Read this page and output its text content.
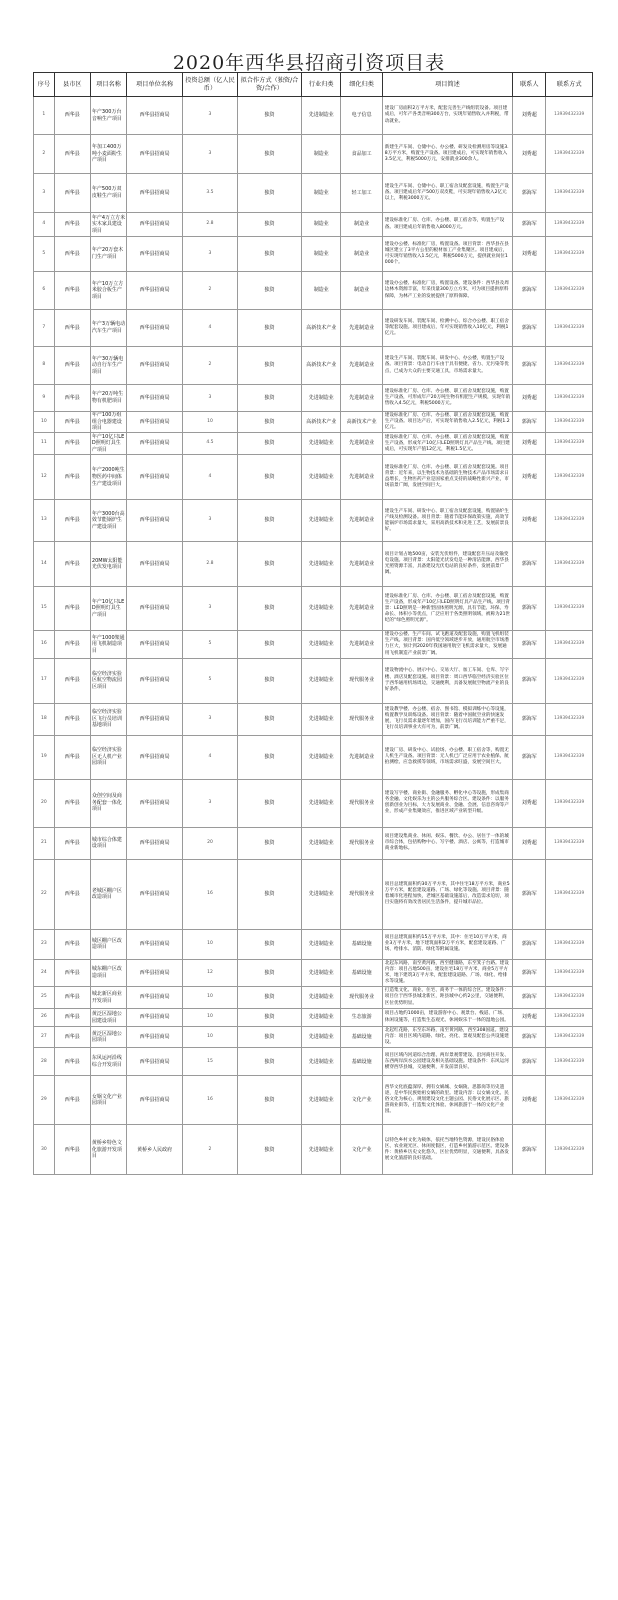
2020年西华县招商引资项目表
序号	县市区	项目名称	项目单位名称	投资总额（亿人民币）	拟合作方式（独资/合资/合作）	行业归类	细化归类	项目简述	联系人	联系方式
1	西华县	年产300万台音响生产项目	西华县招商局	3	独资	先进制造业	电子信息	建设厂房面积2万平方米，配套完善生产线组装设备。项目建成后，可年产各类音响300万台，实现年销售收入并利税，带动就业。	刘秀超	13939432339
2	西华县	年加工400万吨小麦面粉生产项目	西华县招商局	3	独资	制造业	食品加工	新建生产车间、仓储中心、办公楼、研发及检测用房等设施3.8万平方米，购置生产设备。项目建成后，可实现年销售收入3.5亿元，利税5000万元，安排就业300余人。	刘秀超	13939432339
3	西华县	年产500万双皮鞋生产项目	西华县招商局	3.5	独资	制造业	轻工加工	建设生产车间、仓储中心、职工宿舍及配套设施，购置生产设备。项目建成后年产500万双皮鞋，可实现年销售收入2亿元以上，利税3000万元。	郭海军	13939432339
4	西华县	年产4万立方米实木家具建设项目	西华县招商局	2.8	独资	制造业	制造业	建设标准化厂房、仓库、办公楼、职工宿舍等，购置生产设备。项目建成后年销售收入8000万元。	郭海军	13939432339
5	西华县	年产20万套木门生产项目	西华县招商局	3	独资	制造业	制造业	建设办公楼、标准化厂房，购置设备。项目背景：西华县在县城区建立了3平方公里的板材加工产业集聚区。项目建成后，可实现年销售收入1.5亿元，利税5000万元，提供就业岗位1000个。	刘秀超	13939432339
6	西华县	年产10万立方米胶合板生产项目	西华县招商局	2	独资	制造业	制造业	建设办公楼、标准化厂房，购置设备。建设条件：西华县及周边林木资源丰富，年采伐量300万立方米，可为项目提供原料保障，为林产工业的发展提供了原料保障。	郭海军	13939432339
7	西华县	年产3万辆电动汽车生产项目	西华县招商局	4	独资	高新技术产业	先进制造业	建设研发车间、装配车间、检测中心、综合办公楼、职工宿舍等配套设施。项目建成后，年可实现销售收入10亿元，利税1亿元。	郭海军	13939432339
8	西华县	年产30万辆电动自行车生产项目	西华县招商局	2	独资	高新技术产业	先进制造业	建设生产车间、装配车间、研发中心、办公楼，购置生产设备。项目背景：电动自行车由于具有便捷、省力、无污染等优点，已成为大众的主要交通工具，市场需求量大。	郭海军	13939432339
9	西华县	年产20万吨生物有机肥项目	西华县招商局	3	独资	先进制造业	先进制造业	建设标准化厂房、仓库、办公楼、职工宿舍及配套设施，购置生产设备，可形成年产20万吨生物有机肥生产规模，实现年销售收入4.5亿元，利税5000万元。	刘秀超	13939432339
10	西华县	年产100万组组合电器建设项目	西华县招商局	10	独资	高新技术产业	高新技术产业	建设标准化厂房、仓库、办公楼、职工宿舍及配套设施，购置生产设备。项目达产后，可实现年销售收入2.5亿元，利税1.2亿元。	郭海军	13939432339
11	西华县	年产10亿只LED照明灯具生产项目	西华县招商局	4.5	独资	先进制造业	先进制造业	建设标准化厂房、仓库、办公楼、职工宿舍及配套设施，购置生产设备，形成年产10亿只LED照明灯具产品生产线。项目建成后，可实现年产值12亿元，利税1.5亿元。	刘秀超	13939432339
12	西华县	年产2000吨生物医药中间体生产建设项目	西华县招商局	4	独资	先进制造业	先进制造业	建设标准化厂房、仓库、办公楼、职工宿舍及配套设施。项目背景：近年来，以生物技术为基础的生物技术产品市场需求日益增长，生物医药产业是国家重点支持的战略性新兴产业，市场前景广阔，发展空间巨大。	刘秀超	13939432339
13	西华县	年产3000台高效节能锅炉生产建设项目	西华县招商局	3	独资	先进制造业	先进制造业	建设生产车间、研发中心、职工宿舍及配套设施，购置锅炉生产线及检测设备。项目背景：随着节能环保政策实施，高效节能锅炉市场需求量大，采用高新技术和先进工艺，发展前景良好。	刘秀超	13939432339
14	西华县	20MW太阳能光伏发电项目	西华县招商局	2.8	独资	先进制造业	先进制造业	项目计划占地500亩，安装光伏组件，建设配套升压站及输变电设施。项目背景：太阳能光伏发电是一种清洁能源，西华县光照资源丰富，具备建设光伏电站的良好条件，发展前景广阔。	郭海军	13939432339
15	西华县	年产10亿只LED照明灯具生产项目	西华县招商局	3	独资	先进制造业	先进制造业	建设标准化厂房、仓库、办公楼、职工宿舍及配套设施，购置生产设备，形成年产10亿只LED照明灯具产品生产线。项目背景：LED照明是一种新型固体照明光源，具有节能、环保、寿命长、体积小等优点，广泛应用于各类照明领域，被称为21世纪的“绿色照明光源”。	郭海军	13939432339
16	西华县	年产1000架通用飞机制造项目	西华县招商局	5	独资	先进制造业	先进制造业	建设办公楼、生产车间、试飞跑道及配套设施，购置飞机组装生产线。项目背景：国内低空领域逐步开放，通用航空市场潜力巨大，预计到2020年我国通用航空飞机需求量大，发展通用飞机制造产业前景广阔。	郭海军	13939432339
17	西华县	临空经济实验区航空物流园区项目	西华县招商局	5	独资	先进制造业	现代服务业	建设物流中心、展示中心、交易大厅、加工车间、仓库、写字楼、酒店及配套设施。项目背景：周口西华临空经济实验区位于西华通用机场周边，交通便利，具备发展航空物流产业的良好条件。	郭海军	13939432339
18	西华县	临空经济实验区飞行员培训基地项目	西华县招商局	3	独资	先进制造业	现代服务业	建设教学楼、办公楼、宿舍、图书馆、模拟训练中心等设施，购置教学及训练设备。项目背景：随着中国航空业的快速发展，飞行员需求量逐年增加，国内飞行员培训能力严重不足，飞行员培训事业大有可为，前景广阔。	郭海军	13939432339
19	西华县	临空经济实验区无人机产业园项目	西华县招商局	4	独资	先进制造业	先进制造业	建设厂房、研发中心、试验场、办公楼、职工宿舍等，购置无人机生产设备。项目背景：无人机已广泛应用于农业植保、航拍测绘、应急救援等领域，市场需求旺盛，发展空间巨大。	郭海军	13939432339
20	西华县	众创空间及商务配套一体化项目	西华县招商局	3	独资	先进制造业	现代服务业	建设写字楼、商业街、金融服务、孵化中心等设施，形成集商务金融、文化娱乐为主的公共服务综合区。建设条件：以服务创新创业为目标，大力发展商业、金融、会展、信息咨询等产业，形成产业集聚效应，推进区域产业转型升级。	刘秀超	13939432339
21	西华县	城市综合体建设项目	西华县招商局	20	独资	先进制造业	现代服务业	项目建设集商业、休闲、娱乐、餐饮、办公、居住于一体的城市综合体，包括购物中心、写字楼、酒店、公寓等，打造城市商业新地标。	刘秀超	13939432339
22	西华县	老城区棚户区改造项目	西华县招商局	16	独资	先进制造业	现代服务业	项目总建筑面积约30万平方米，其中住宅18万平方米，商业5万平方米，配套建设道路、广场、绿化等设施。项目背景：随着城市化进程加快，老城区基础设施落后，改造需求迫切，项目实施将有效改善居民生活条件，提升城市品位。	郭海军	13939432339
23	西华县	城区棚户区改造项目	西华县招商局	10	独资	先进制造业	基础设施	项目总建筑面积约15万平方米，其中：住宅10万平方米，商业3万平方米，地下建筑面积2万平方米，配套建设道路、广场、给排水、消防、绿化等附属设施。	郭海军	13939432339
24	西华县	城东棚户区改造项目	西华县招商局	12	独资	先进制造业	基础设施	北起东风路，南至黄河路，西至健康路，东至箕子台路。建设内容：项目占地500亩，建设住宅18万平方米，商业5万平方米，地下建筑3万平方米，配套建设道路、广场、绿化、给排水等设施。	郭海军	13939432339
25	西华县	城北新区商业开发项目	西华县招商局	10	独资	先进制造业	现代服务业	打造集文化、商业、住宅、商务于一体的综合区。建设条件：项目位于西华县城北新区，距县城中心约2公里，交通便利，区位优势明显。	郭海军	13939432339
26	西华县	黄泛区湿地公园建设项目	西华县招商局	10	独资	先进制造业	生态旅游	项目占地约1000亩，建设游客中心、观景台、栈道、广场、休闲设施等，打造集生态观光、休闲娱乐于一体的湿地公园。	刘秀超	13939432339
27	西华县	黄泛区湿地公园项目	西华县招商局	10	独资	先进制造业	基础设施	北起红花路，东至东环路，南至黄河路，西至308国道。建设内容：项目区域内道路、绿化、亮化、景观及配套公共设施建设。	郭海军	13939432339
28	西华县	东风运河沿线综合开发项目	西华县招商局	15	独资	先进制造业	基础设施	项目区域内河道综合治理、两岸景观带建设、沿河商住开发、东西两岸滨水公园建设及相关基础设施。建设条件：东风运河横穿西华县城，交通便利，开发前景良好。	郭海军	13939432339
29	西华县	女娲文化产业园项目	西华县招商局	16	独资	先进制造业	文化产业	西华文化底蕴深厚，拥有女娲城、女娲陵、思都岗等历史遗迹，是中华民族始祖女娲的故里。建设内容：以女娲文化、民俗文化为核心，规划建设文化主题公园、民俗文化展示区、旅游商业街等，打造集文化体验、休闲旅游于一体的文化产业园。	刘秀超	13939432339
30	西华县	黄桥乡特色文化旅游开发项目	黄桥乡人民政府	2	独资	先进制造业	文化产业	以特色乡村文化为载体，依托当地特色资源，建设民俗体验区、农业观光区、休闲度假区，打造乡村旅游示范区。建设条件：黄桥乡历史文化悠久，区位优势明显，交通便利，具备发展文化旅游的良好基础。	郭海军	13939432339
